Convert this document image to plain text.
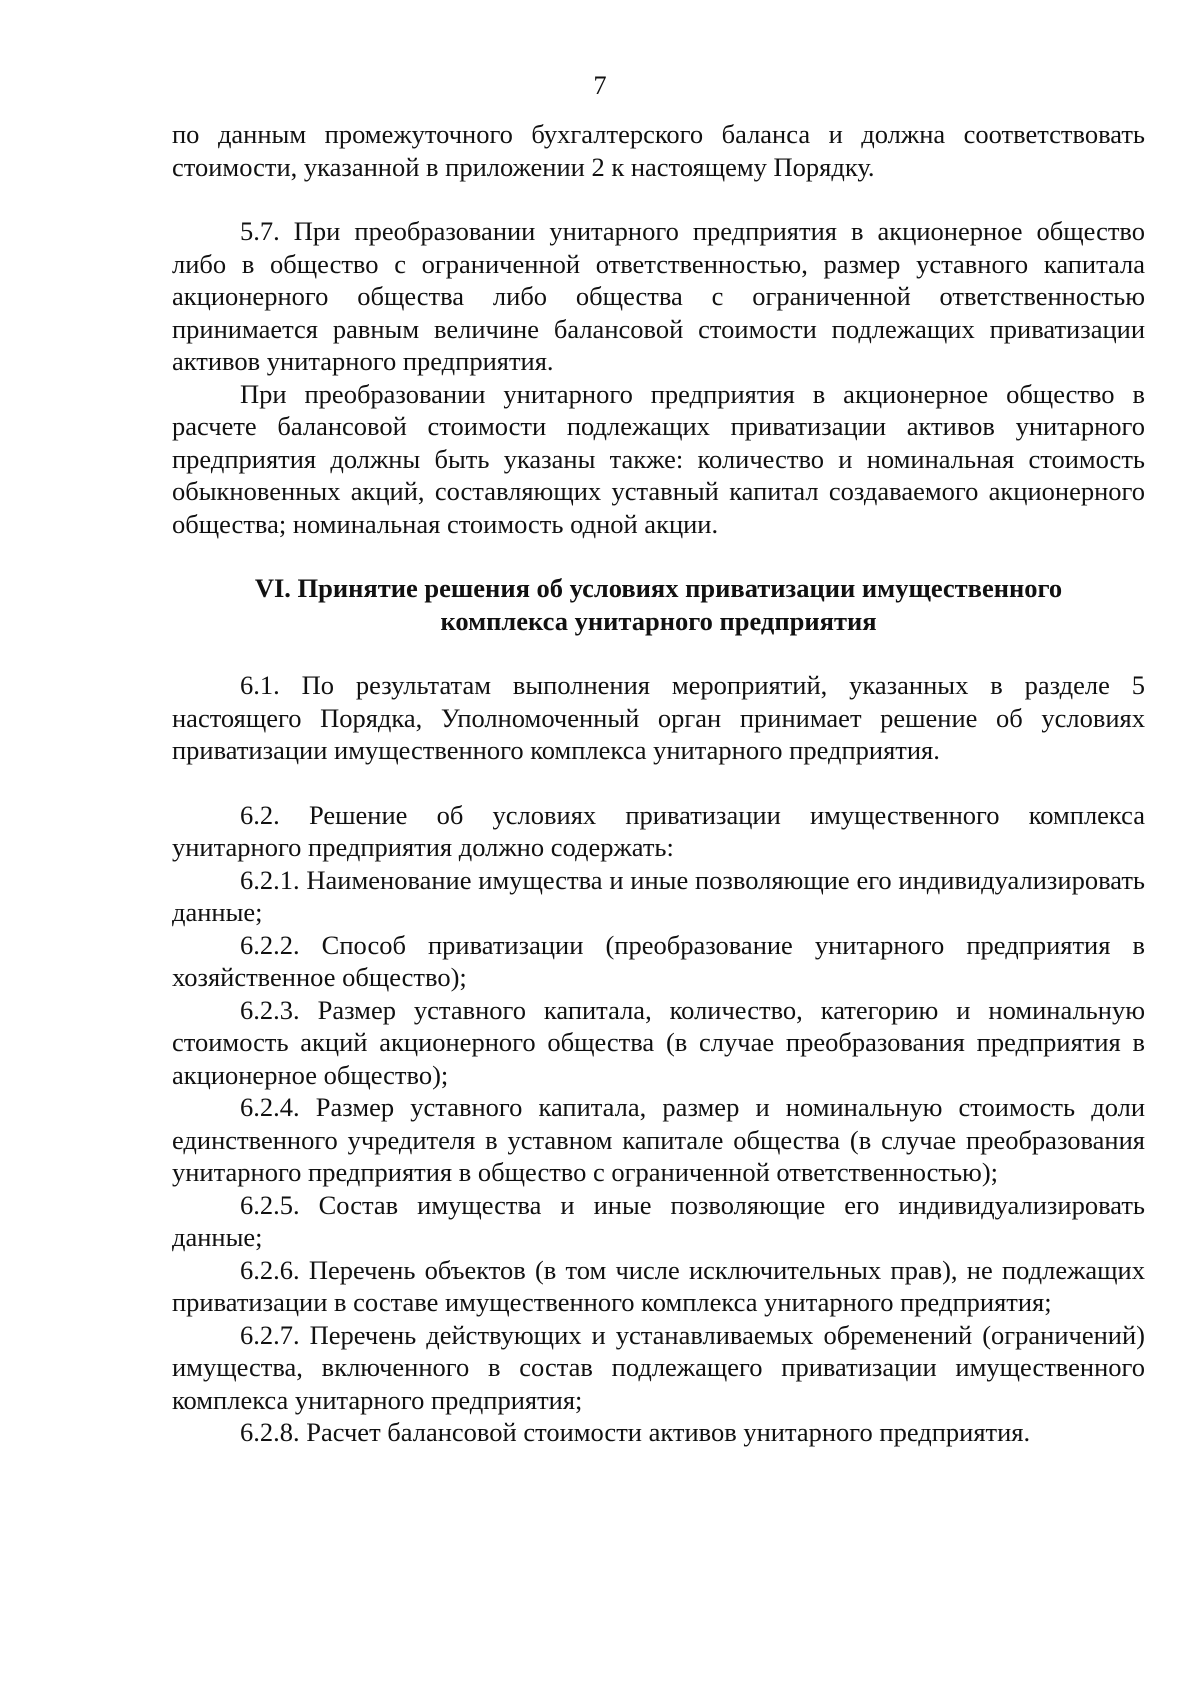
7

по данным промежуточного бухгалтерского баланса и должна соответствовать стоимости, указанной в приложении 2 к настоящему Порядку.

5.7. При преобразовании унитарного предприятия в акционерное общество либо в общество с ограниченной ответственностью, размер уставного капитала акционерного общества либо общества с ограниченной ответственностью принимается равным величине балансовой стоимости подлежащих приватизации активов унитарного предприятия.

При преобразовании унитарного предприятия в акционерное общество в расчете балансовой стоимости подлежащих приватизации активов унитарного предприятия должны быть указаны также: количество и номинальная стоимость обыкновенных акций, составляющих уставный капитал создаваемого акционерного общества; номинальная стоимость одной акции.

VI. Принятие решения об условиях приватизации имущественного
комплекса унитарного предприятия

6.1. По результатам выполнения мероприятий, указанных в разделе 5 настоящего Порядка, Уполномоченный орган принимает решение об условиях приватизации имущественного комплекса унитарного предприятия.

6.2. Решение об условиях приватизации имущественного комплекса унитарного предприятия должно содержать:

6.2.1. Наименование имущества и иные позволяющие его индивидуализировать данные;

6.2.2. Способ приватизации (преобразование унитарного предприятия в хозяйственное общество);

6.2.3. Размер уставного капитала, количество, категорию и номинальную стоимость акций акционерного общества (в случае преобразования предприятия в акционерное общество);

6.2.4. Размер уставного капитала, размер и номинальную стоимость доли единственного учредителя в уставном капитале общества (в случае преобразования унитарного предприятия в общество с ограниченной ответственностью);

6.2.5. Состав имущества и иные позволяющие его индивидуализировать данные;

6.2.6. Перечень объектов (в том числе исключительных прав), не подлежащих приватизации в составе имущественного комплекса унитарного предприятия;

6.2.7. Перечень действующих и устанавливаемых обременений (ограничений) имущества, включенного в состав подлежащего приватизации имущественного комплекса унитарного предприятия;

6.2.8. Расчет балансовой стоимости активов унитарного предприятия.
